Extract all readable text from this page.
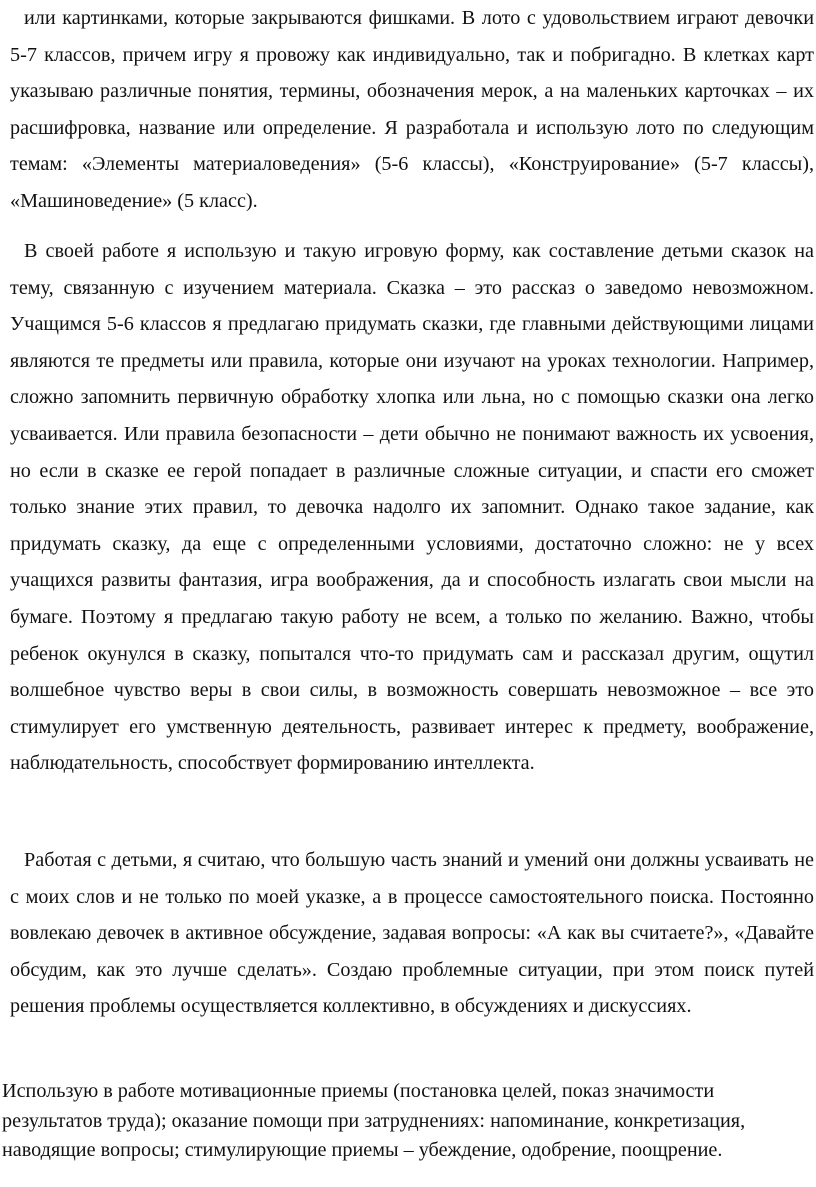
или картинками, которые закрываются фишками. В лото с удовольствием играют девочки 5-7 классов, причем игру я провожу как индивидуально, так и побригадно. В клетках карт указываю различные понятия, термины, обозначения мерок, а на маленьких карточках – их расшифровка, название или определение. Я разработала и использую лото по следующим темам: «Элементы материаловедения» (5-6 классы), «Конструирование» (5-7 классы), «Машиноведение» (5 класс).

В своей работе я использую и такую игровую форму, как составление детьми сказок на тему, связанную с изучением материала. Сказка – это рассказ о заведомо невозможном. Учащимся 5-6 классов я предлагаю придумать сказки, где главными действующими лицами являются те предметы или правила, которые они изучают на уроках технологии. Например, сложно запомнить первичную обработку хлопка или льна, но с помощью сказки она легко усваивается. Или правила безопасности – дети обычно не понимают важность их усвоения, но если в сказке ее герой попадает в различные сложные ситуации, и спасти его сможет только знание этих правил, то девочка надолго их запомнит. Однако такое задание, как придумать сказку, да еще с определенными условиями, достаточно сложно: не у всех учащихся развиты фантазия, игра воображения, да и способность излагать свои мысли на бумаге. Поэтому я предлагаю такую работу не всем, а только по желанию. Важно, чтобы ребенок окунулся в сказку, попытался что-то придумать сам и рассказал другим, ощутил волшебное чувство веры в свои силы, в возможность совершать невозможное – все это стимулирует его умственную деятельность, развивает интерес к предмету, воображение, наблюдательность, способствует формированию интеллекта.

Работая с детьми, я считаю, что большую часть знаний и умений они должны усваивать не с моих слов и не только по моей указке, а в процессе самостоятельного поиска. Постоянно вовлекаю девочек в активное обсуждение, задавая вопросы: «А как вы считаете?», «Давайте обсудим, как это лучше сделать». Создаю проблемные ситуации, при этом поиск путей решения проблемы осуществляется коллективно, в обсуждениях и дискуссиях.

Использую в работе мотивационные приемы (постановка целей, показ значимости результатов труда); оказание помощи при затруднениях: напоминание, конкретизация, наводящие вопросы; стимулирующие приемы – убеждение, одобрение, поощрение.
